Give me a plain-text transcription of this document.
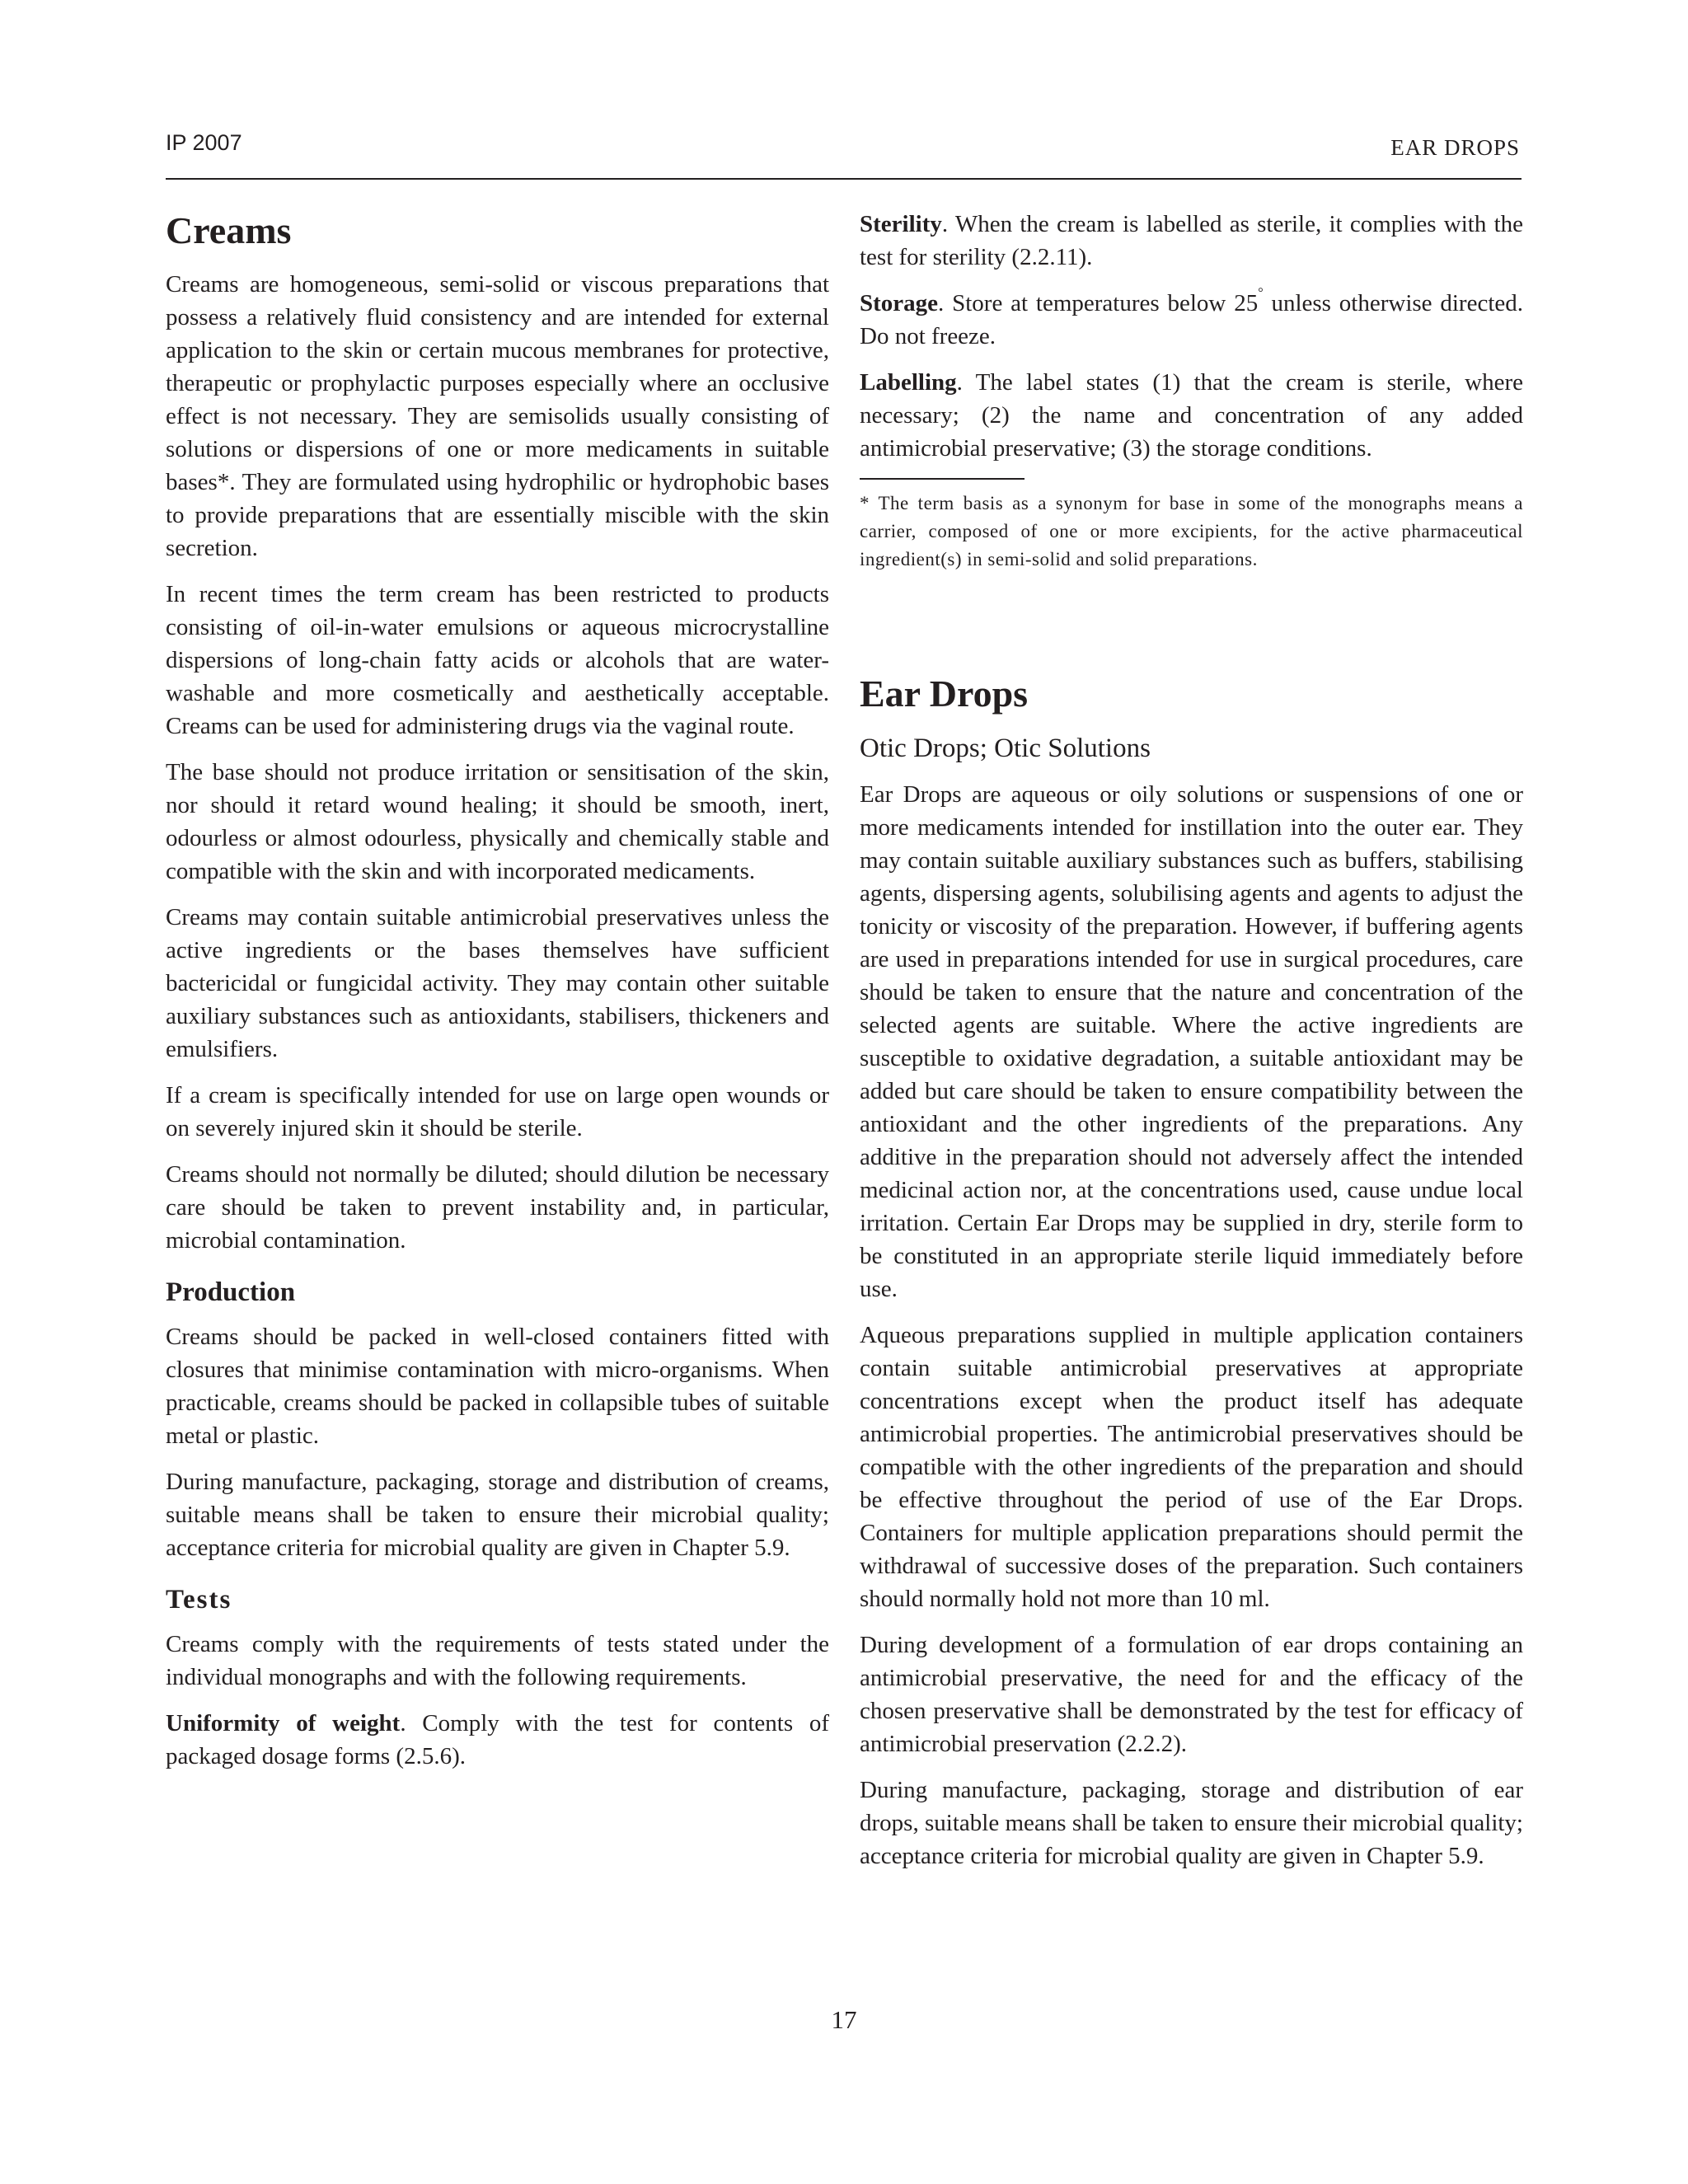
IP 2007	EAR DROPS
Creams

Creams are homogeneous, semi-solid or viscous preparations that possess a relatively fluid consistency and are intended for external application to the skin or certain mucous membranes for protective, therapeutic or prophylactic purposes especially where an occlusive effect is not necessary. They are semisolids usually consisting of solutions or dispersions of one or more medicaments in suitable bases*. They are formulated using hydrophilic or hydrophobic bases to provide preparations that are essentially miscible with the skin secretion.

In recent times the term cream has been restricted to products consisting of oil-in-water emulsions or aqueous microcrystalline dispersions of long-chain fatty acids or alcohols that are water-washable and more cosmetically and aesthetically acceptable. Creams can be used for administering drugs via the vaginal route.

The base should not produce irritation or sensitisation of the skin, nor should it retard wound healing; it should be smooth, inert, odourless or almost odourless, physically and chemically stable and compatible with the skin and with incorporated medicaments.

Creams may contain suitable antimicrobial preservatives unless the active ingredients or the bases themselves have sufficient bactericidal or fungicidal activity. They may contain other suitable auxiliary substances such as antioxidants, stabilisers, thickeners and emulsifiers.

If a cream is specifically intended for use on large open wounds or on severely injured skin it should be sterile.

Creams should not normally be diluted; should dilution be necessary care should be taken to prevent instability and, in particular, microbial contamination.

Production

Creams should be packed in well-closed containers fitted with closures that minimise contamination with micro-organisms. When practicable, creams should be packed in collapsible tubes of suitable metal or plastic.

During manufacture, packaging, storage and distribution of creams, suitable means shall be taken to ensure their microbial quality; acceptance criteria for microbial quality are given in Chapter 5.9.

Tests

Creams comply with the requirements of tests stated under the individual monographs and with the following requirements.

Uniformity of weight. Comply with the test for contents of packaged dosage forms (2.5.6).

Sterility. When the cream is labelled as sterile, it complies with the test for sterility (2.2.11).

Storage. Store at temperatures below 25° unless otherwise directed. Do not freeze.

Labelling. The label states (1) that the cream is sterile, where necessary; (2) the name and concentration of any added antimicrobial preservative; (3) the storage conditions.

* The term basis as a synonym for base in some of the monographs means a carrier, composed of one or more excipients, for the active pharmaceutical ingredient(s) in semi-solid and solid preparations.

Ear Drops
Otic Drops; Otic Solutions

Ear Drops are aqueous or oily solutions or suspensions of one or more medicaments intended for instillation into the outer ear. They may contain suitable auxiliary substances such as buffers, stabilising agents, dispersing agents, solubilising agents and agents to adjust the tonicity or viscosity of the preparation. However, if buffering agents are used in preparations intended for use in surgical procedures, care should be taken to ensure that the nature and concentration of the selected agents are suitable. Where the active ingredients are susceptible to oxidative degradation, a suitable antioxidant may be added but care should be taken to ensure compatibility between the antioxidant and the other ingredients of the preparations. Any additive in the preparation should not adversely affect the intended medicinal action nor, at the concentrations used, cause undue local irritation. Certain Ear Drops may be supplied in dry, sterile form to be constituted in an appropriate sterile liquid immediately before use.

Aqueous preparations supplied in multiple application containers contain suitable antimicrobial preservatives at appropriate concentrations except when the product itself has adequate antimicrobial properties. The antimicrobial preservatives should be compatible with the other ingredients of the preparation and should be effective throughout the period of use of the Ear Drops. Containers for multiple application preparations should permit the withdrawal of successive doses of the preparation. Such containers should normally hold not more than 10 ml.

During development of a formulation of ear drops containing an antimicrobial preservative, the need for and the efficacy of the chosen preservative shall be demonstrated by the test for efficacy of antimicrobial preservation (2.2.2).

During manufacture, packaging, storage and distribution of ear drops, suitable means shall be taken to ensure their microbial quality; acceptance criteria for microbial quality are given in Chapter 5.9.

17
